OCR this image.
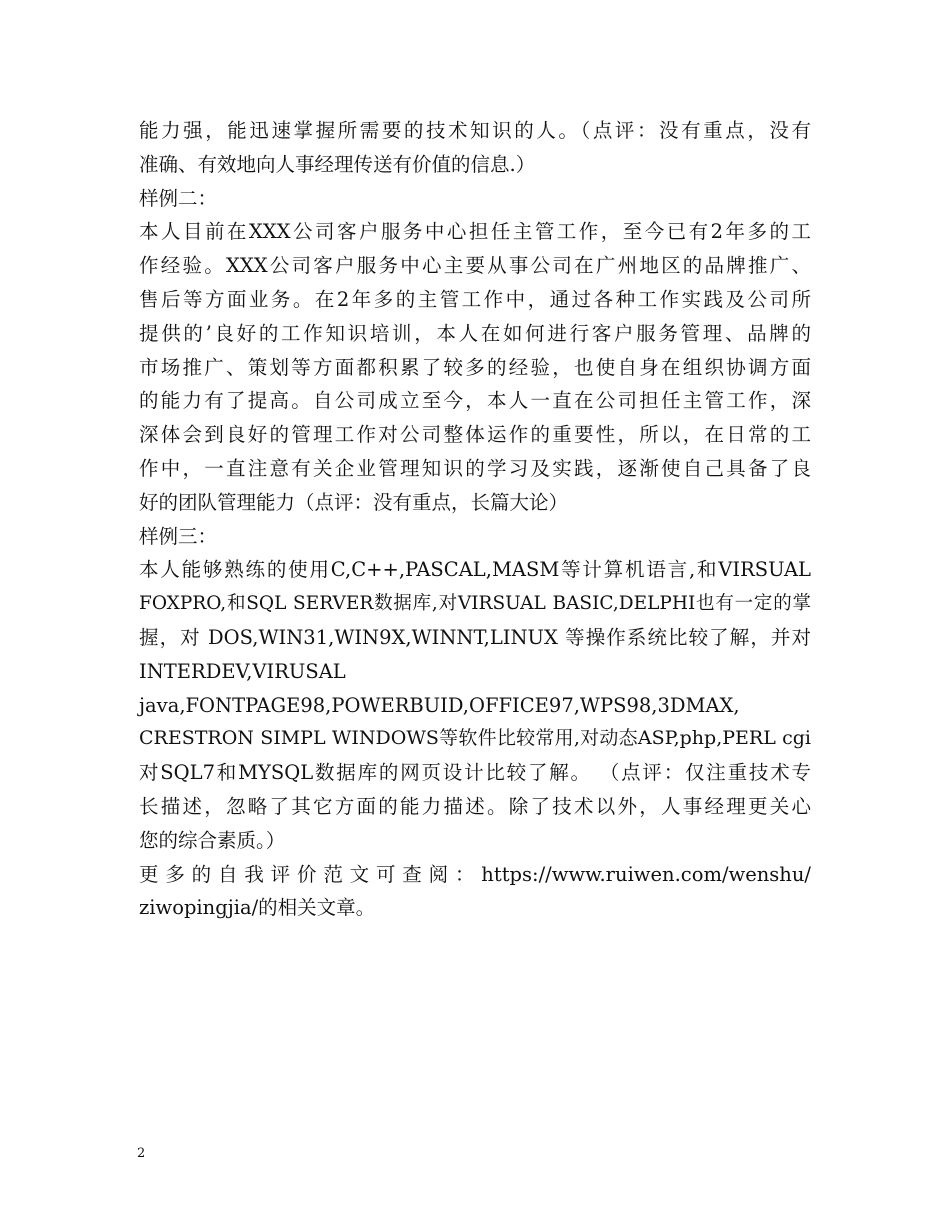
能力强，能迅速掌握所需要的技术知识的人。（点评：没有重点，没有
准确、有效地向人事经理传送有价值的信息.）
样例二：
本人目前在XXX公司客户服务中心担任主管工作，至今已有2年多的工
作经验。XXX公司客户服务中心主要从事公司在广州地区的品牌推广、
售后等方面业务。在2年多的主管工作中，通过各种工作实践及公司所
提供的’良好的工作知识培训，本人在如何进行客户服务管理、品牌的
市场推广、策划等方面都积累了较多的经验，也使自身在组织协调方面
的能力有了提高。自公司成立至今，本人一直在公司担任主管工作，深
深体会到良好的管理工作对公司整体运作的重要性，所以，在日常的工
作中，一直注意有关企业管理知识的学习及实践，逐渐使自己具备了良
好的团队管理能力（点评：没有重点，长篇大论）
样例三：
本人能够熟练的使用C,C++,PASCAL,MASM等计算机语言,和VIRSUAL
FOXPRO,和SQL SERVER数据库,对VIRSUAL BASIC,DELPHI也有一定的掌
握，对 DOS,WIN31,WIN9X,WINNT,LINUX 等操作系统比较了解，并对
INTERDEV,VIRUSAL
java,FONTPAGE98,POWERBUID,OFFICE97,WPS98,3DMAX,
CRESTRON SIMPL WINDOWS等软件比较常用,对动态ASP,php,PERL cgi
对SQL7和MYSQL数据库的网页设计比较了解。 （点评：仅注重技术专
长描述，忽略了其它方面的能力描述。除了技术以外，人事经理更关心
您的综合素质。）
更多的自我评价范文可查阅：https://www.ruiwen.com/wenshu/
ziwopingjia/的相关文章。
2
